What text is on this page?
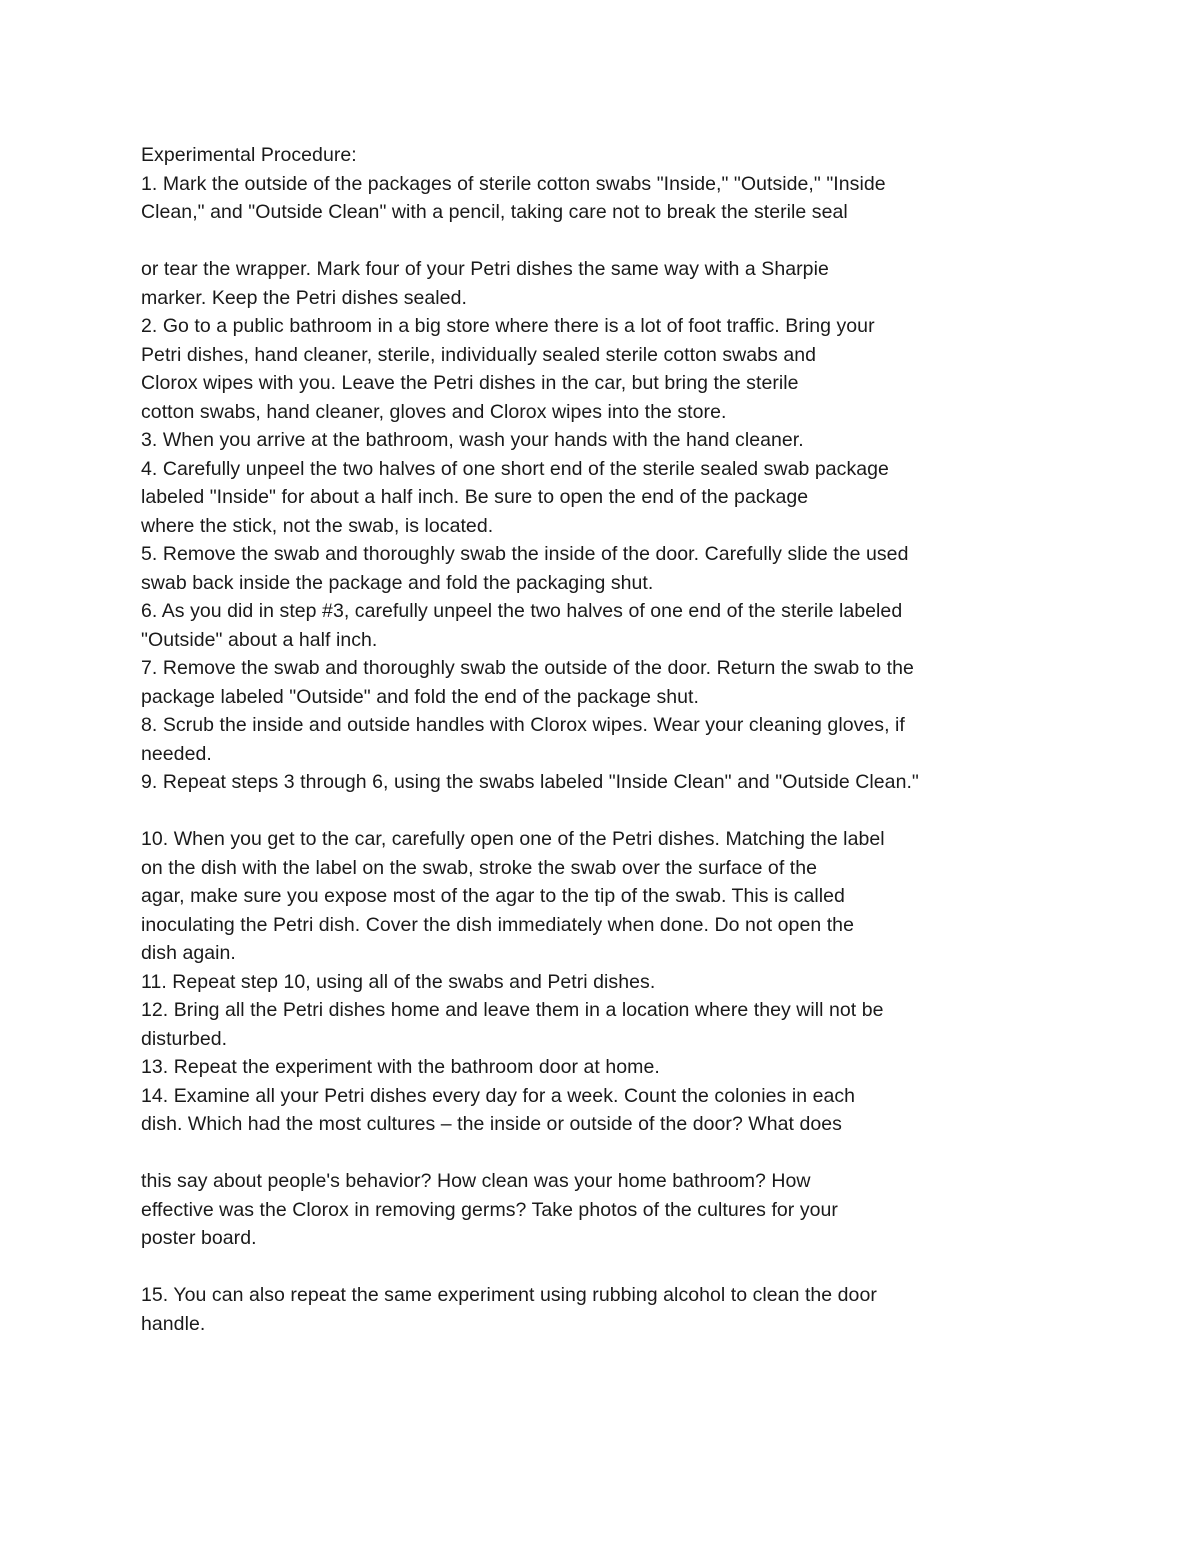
Experimental Procedure:
1. Mark the outside of the packages of sterile cotton swabs "Inside," "Outside," "Inside
Clean," and "Outside Clean" with a pencil, taking care not to break the sterile seal
or tear the wrapper. Mark four of your Petri dishes the same way with a Sharpie
marker. Keep the Petri dishes sealed.
2. Go to a public bathroom in a big store where there is a lot of foot traffic. Bring your
Petri dishes, hand cleaner, sterile, individually sealed sterile cotton swabs and
Clorox wipes with you. Leave the Petri dishes in the car, but bring the sterile
cotton swabs, hand cleaner, gloves and Clorox wipes into the store.
3. When you arrive at the bathroom, wash your hands with the hand cleaner.
4. Carefully unpeel the two halves of one short end of the sterile sealed swab package
labeled "Inside" for about a half inch. Be sure to open the end of the package
where the stick, not the swab, is located.
5. Remove the swab and thoroughly swab the inside of the door. Carefully slide the used
swab back inside the package and fold the packaging shut.
6. As you did in step #3, carefully unpeel the two halves of one end of the sterile labeled
"Outside" about a half inch.
7. Remove the swab and thoroughly swab the outside of the door. Return the swab to the
package labeled "Outside" and fold the end of the package shut.
8. Scrub the inside and outside handles with Clorox wipes. Wear your cleaning gloves, if
needed.
9. Repeat steps 3 through 6, using the swabs labeled "Inside Clean" and "Outside Clean."
10. When you get to the car, carefully open one of the Petri dishes. Matching the label
on the dish with the label on the swab, stroke the swab over the surface of the
agar, make sure you expose most of the agar to the tip of the swab. This is called
inoculating the Petri dish. Cover the dish immediately when done. Do not open the
dish again.
11. Repeat step 10, using all of the swabs and Petri dishes.
12. Bring all the Petri dishes home and leave them in a location where they will not be
disturbed.
13. Repeat the experiment with the bathroom door at home.
14. Examine all your Petri dishes every day for a week. Count the colonies in each
dish. Which had the most cultures – the inside or outside of the door? What does
this say about people's behavior? How clean was your home bathroom? How
effective was the Clorox in removing germs? Take photos of the cultures for your
poster board.
15. You can also repeat the same experiment using rubbing alcohol to clean the door
handle.
